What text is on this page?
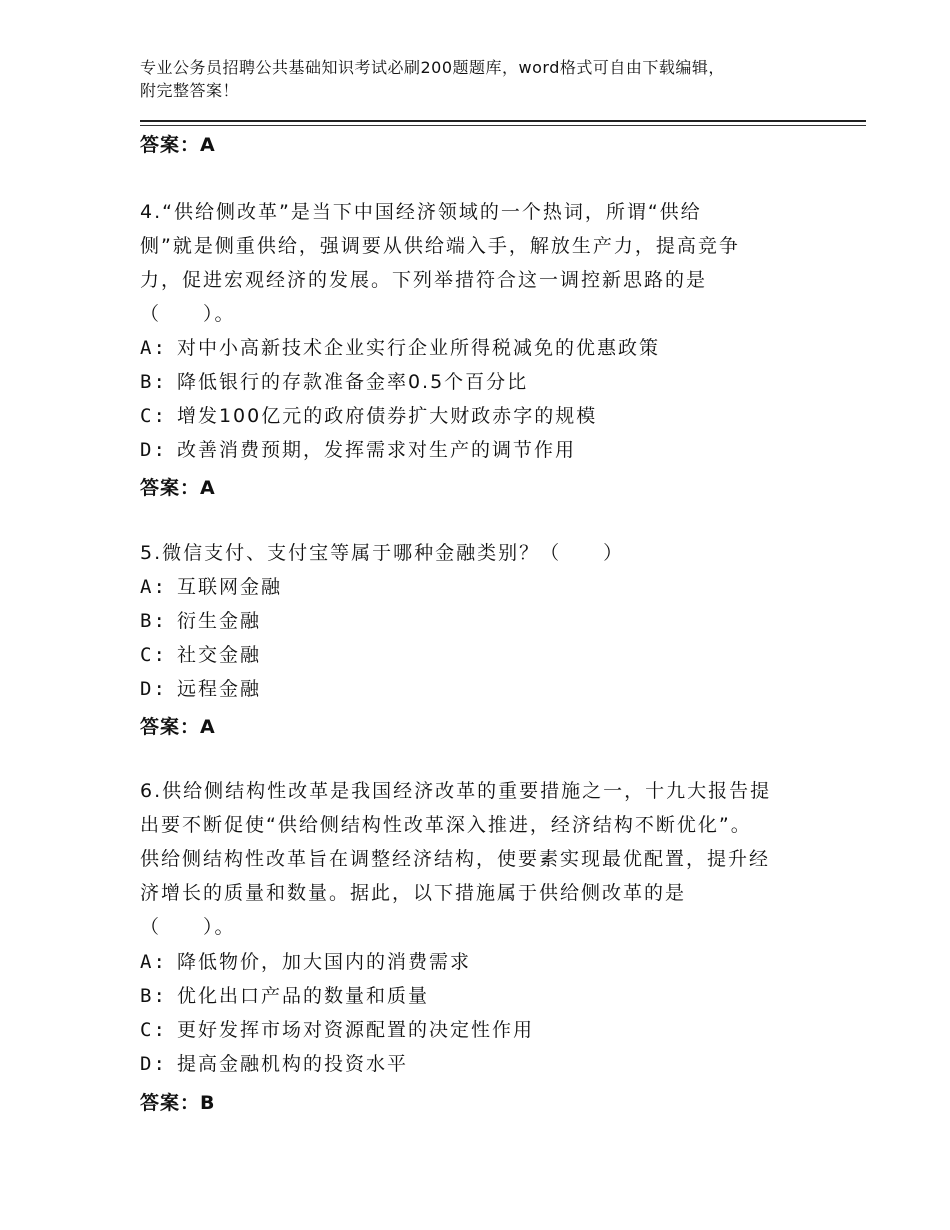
专业公务员招聘公共基础知识考试必刷200题题库，word格式可自由下载编辑，
附完整答案！
答案：A
4.“供给侧改革”是当下中国经济领域的一个热词，所谓“供给
侧”就是侧重供给，强调要从供给端入手，解放生产力，提高竞争
力，促进宏观经济的发展。下列举措符合这一调控新思路的是
（　　）。
A: 对中小高新技术企业实行企业所得税减免的优惠政策
B: 降低银行的存款准备金率0.5个百分比
C: 增发100亿元的政府债券扩大财政赤字的规模
D: 改善消费预期，发挥需求对生产的调节作用
答案：A
5.微信支付、支付宝等属于哪种金融类别？（　　）
A: 互联网金融
B: 衍生金融
C: 社交金融
D: 远程金融
答案：A
6.供给侧结构性改革是我国经济改革的重要措施之一，十九大报告提
出要不断促使“供给侧结构性改革深入推进，经济结构不断优化”。
供给侧结构性改革旨在调整经济结构，使要素实现最优配置，提升经
济增长的质量和数量。据此，以下措施属于供给侧改革的是
（　　）。
A: 降低物价，加大国内的消费需求
B: 优化出口产品的数量和质量
C: 更好发挥市场对资源配置的决定性作用
D: 提高金融机构的投资水平
答案：B
